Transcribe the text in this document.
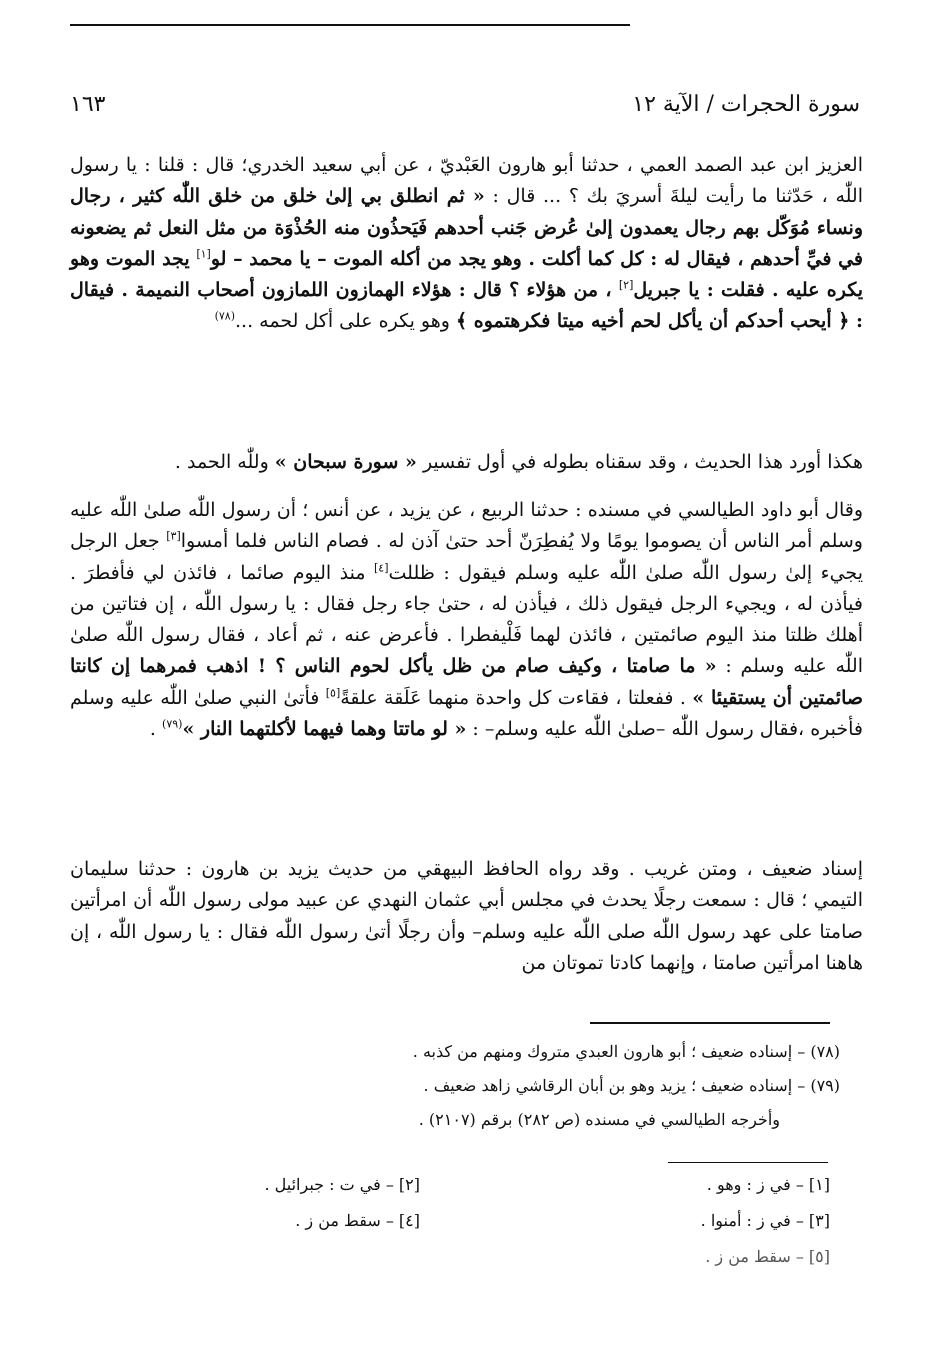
سورة الحجرات / الآية ١٢
١٦٣
العزيز ابن عبد الصمد العمي ، حدثنا أبو هارون العَبْديّ ، عن أبي سعيد الخدري؛ قال : قلنا : يا رسول اللّٰه ، حَدّثنا ما رأيت ليلةَ أسريَ بك ؟ ... قال : « ثم انطلق بي إلىٰ خلق من خلق اللّٰه كثير ، رجال ونساء مُوَكّل بهم رجال يعمدون إلىٰ عُرض جَنب أحدهم فَيَحذُون منه الحُذْوَة من مثل النعل ثم يضعونه في فيِّ أحدهم ، فيقال له : كل كما أكلت . وهو يجد من أكله الموت – يا محمد – لو[١] يجد الموت وهو يكره عليه . فقلت : يا جبريل[٢] ، من هؤلاء ؟ قال : هؤلاء الهمازون اللمازون أصحاب النميمة . فيقال : ﴿ أيحب أحدكم أن يأكل لحم أخيه ميتا فكرهتموه ﴾ وهو يكره على أكل لحمه ...$^{(٧٨)}$
هكذا أورد هذا الحديث ، وقد سقناه بطوله في أول تفسير « سورة سبحان » وللّٰه الحمد .
وقال أبو داود الطيالسي في مسنده : حدثنا الربيع ، عن يزيد ، عن أنس ؛ أن رسول اللّٰه صلىٰ اللّٰه عليه وسلم أمر الناس أن يصوموا يومًا ولا يُفطِرَنّ أحد حتىٰ آذن له . فصام الناس فلما أمسوا[٣] جعل الرجل يجيء إلىٰ رسول اللّٰه صلىٰ اللّٰه عليه وسلم فيقول : ظللت[٤] منذ اليوم صائما ، فائذن لي فأفطرَ . فيأذن له ، ويجيء الرجل فيقول ذلك ، فيأذن له ، حتىٰ جاء رجل فقال : يا رسول اللّٰه ، إن فتاتين من أهلك ظلتا منذ اليوم صائمتين ، فائذن لهما فَلْيفطرا . فأعرض عنه ، ثم أعاد ، فقال رسول اللّٰه صلىٰ اللّٰه عليه وسلم : « ما صامتا ، وكيف صام من ظل يأكل لحوم الناس ؟ ! اذهب فمرهما إن كانتا صائمتين أن يستقيئا » . ففعلتا ، فقاءت كل واحدة منهما عَلَقة علقةً[٥] فأتىٰ النبي صلىٰ اللّٰه عليه وسلم فأخبره ،فقال رسول اللّٰه –صلىٰ اللّٰه عليه وسلم– : « لو ماتتا وهما فيهما لأكلتهما النار »$^{(٧٩)}$ .
إسناد ضعيف ، ومتن غريب . وقد رواه الحافظ البيهقي من حديث يزيد بن هارون : حدثنا سليمان التيمي ؛ قال : سمعت رجلًا يحدث في مجلس أبي عثمان النهدي عن عبيد مولى رسول اللّٰه أن امرأتين صامتا على عهد رسول اللّٰه صلى اللّٰه عليه وسلم– وأن رجلًا أتىٰ رسول اللّٰه فقال : يا رسول اللّٰه ، إن هاهنا امرأتين صامتا ، وإنهما كادتا تموتان من
(٧٨) – إسناده ضعيف ؛ أبو هارون العبدي متروك ومنهم من كذبه .
(٧٩) – إسناده ضعيف ؛ يزيد وهو بن أبان الرقاشي زاهد ضعيف .
وأخرجه الطيالسي في مسنده (ص ٢٨٢) برقم (٢١٠٧) .
[١] – في ز : وهو .
[٢] – في ت : جبرائيل .
[٣] – في ز : أمنوا .
[٤] – سقط من ز .
[٥] – سقط من ز .
